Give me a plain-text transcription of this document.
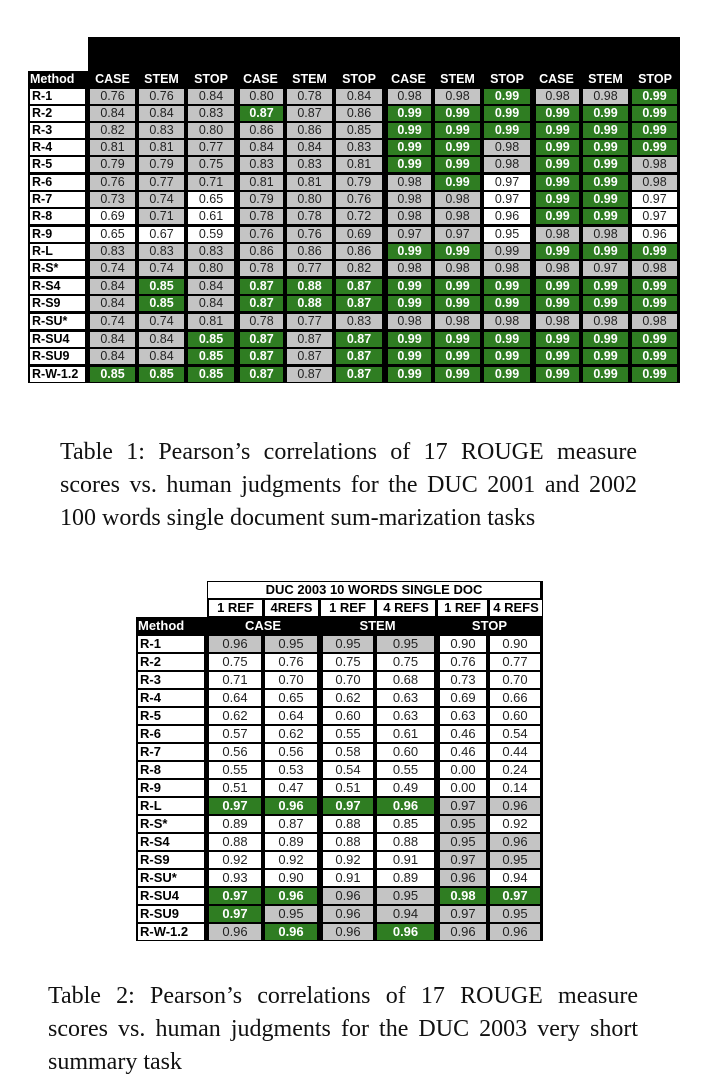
	DUC 2001 100 WORDS SINGLE DOC						DUC 2002 100 WORDS SINGLE DOC					
	1 REF			3 REFS			1 REF			2 REFS		
Method	CASE	STEM	STOP	CASE	STEM	STOP	CASE	STEM	STOP	CASE	STEM	STOP
R-1	0.76	0.76	0.84	0.80	0.78	0.84	0.98	0.98	0.99	0.98	0.98	0.99
R-2	0.84	0.84	0.83	0.87	0.87	0.86	0.99	0.99	0.99	0.99	0.99	0.99
R-3	0.82	0.83	0.80	0.86	0.86	0.85	0.99	0.99	0.99	0.99	0.99	0.99
R-4	0.81	0.81	0.77	0.84	0.84	0.83	0.99	0.99	0.98	0.99	0.99	0.99
R-5	0.79	0.79	0.75	0.83	0.83	0.81	0.99	0.99	0.98	0.99	0.99	0.98
R-6	0.76	0.77	0.71	0.81	0.81	0.79	0.98	0.99	0.97	0.99	0.99	0.98
R-7	0.73	0.74	0.65	0.79	0.80	0.76	0.98	0.98	0.97	0.99	0.99	0.97
R-8	0.69	0.71	0.61	0.78	0.78	0.72	0.98	0.98	0.96	0.99	0.99	0.97
R-9	0.65	0.67	0.59	0.76	0.76	0.69	0.97	0.97	0.95	0.98	0.98	0.96
R-L	0.83	0.83	0.83	0.86	0.86	0.86	0.99	0.99	0.99	0.99	0.99	0.99
R-S*	0.74	0.74	0.80	0.78	0.77	0.82	0.98	0.98	0.98	0.98	0.97	0.98
R-S4	0.84	0.85	0.84	0.87	0.88	0.87	0.99	0.99	0.99	0.99	0.99	0.99
R-S9	0.84	0.85	0.84	0.87	0.88	0.87	0.99	0.99	0.99	0.99	0.99	0.99
R-SU*	0.74	0.74	0.81	0.78	0.77	0.83	0.98	0.98	0.98	0.98	0.98	0.98
R-SU4	0.84	0.84	0.85	0.87	0.87	0.87	0.99	0.99	0.99	0.99	0.99	0.99
R-SU9	0.84	0.84	0.85	0.87	0.87	0.87	0.99	0.99	0.99	0.99	0.99	0.99
R-W-1.2	0.85	0.85	0.85	0.87	0.87	0.87	0.99	0.99	0.99	0.99	0.99	0.99
Table 1: Pearson’s correlations of 17 ROUGE measure scores vs. human judgments for the DUC 2001 and 2002 100 words single document sum-marization tasks
	DUC 2003 10 WORDS SINGLE DOC					
	1 REF	4REFS	1 REF	4 REFS	1 REF	4 REFS
Method	CASE		STEM		STOP	
R-1	0.96	0.95	0.95	0.95	0.90	0.90
R-2	0.75	0.76	0.75	0.75	0.76	0.77
R-3	0.71	0.70	0.70	0.68	0.73	0.70
R-4	0.64	0.65	0.62	0.63	0.69	0.66
R-5	0.62	0.64	0.60	0.63	0.63	0.60
R-6	0.57	0.62	0.55	0.61	0.46	0.54
R-7	0.56	0.56	0.58	0.60	0.46	0.44
R-8	0.55	0.53	0.54	0.55	0.00	0.24
R-9	0.51	0.47	0.51	0.49	0.00	0.14
R-L	0.97	0.96	0.97	0.96	0.97	0.96
R-S*	0.89	0.87	0.88	0.85	0.95	0.92
R-S4	0.88	0.89	0.88	0.88	0.95	0.96
R-S9	0.92	0.92	0.92	0.91	0.97	0.95
R-SU*	0.93	0.90	0.91	0.89	0.96	0.94
R-SU4	0.97	0.96	0.96	0.95	0.98	0.97
R-SU9	0.97	0.95	0.96	0.94	0.97	0.95
R-W-1.2	0.96	0.96	0.96	0.96	0.96	0.96
Table 2: Pearson’s correlations of 17 ROUGE measure scores vs. human judgments for the DUC 2003 very short summary task
